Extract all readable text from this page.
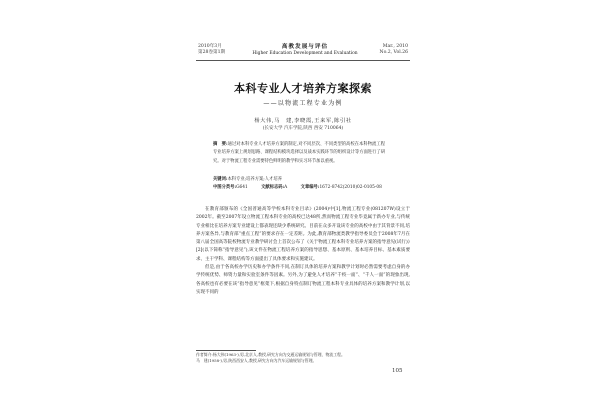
2010年3月
第28卷第1期
高教发展与评估
Higher Education Development and Evaluation
Mar., 2010
No.2, Vol.26
本科专业人才培养方案探索
——以物流工程专业为例
杨大伟,马　建,李晓霞,王来军,陈引社
(长安大学 汽车学院,陕西 西安 710064)
摘　要:通过对本科专业人才培养方案的制定,对不同层次、不同类型的高校在本科物流工程专业培养方案上规划思路、课程结构模块选择以及战本实践环节的组织设计等方面进行了研究。对于物流工程专业需要特色鲜明的教学和实习环节加以重视。
关键词:本科专业;培养方案;人才培养
中图分类号:G641	文献标志码:A	文章编号:1672-8742(2010)02-0105-08

在教育部颁布的《全国普通高等学校本科专业目录》(2004)中[1],物流工程专业(081207W)设立于2002年。截至2007年设立物流工程本科专业的高校已达48所,然而物流工程专业毕竟属于新办专业,与传统专业相比在培养方案专业建设上都表现还缺少系统研究。目前在众多开设该专业的高校中由于其背景不同,培养方案各异,与教育部“重点工程”的要求存在一定差距。为此,教育部物流类教学指导委员会于2008年7月在第八届全国高等院校物流专业教学研讨会上首次公布了《关于物流工程本科专业培养方案的指导意见(试行)》[2](以下简称“指导意见”),该文件在物流工程培养方案的指导思想、基本原则、基本培养目标、基本素质要求、主干学科、课程结构等方面提出了具体要求和实施建议。

但是,由于各高校办学历史和办学条件不同,在制订具体的培养方案和教学计划时必然需要考虑自身的办学传统优势、师资力量和实验室条件等因素。另外,为了避免人才培养“千校一面”、“千人一面”的现象出现,各高校也有必要在该“指导意见”框架下,根据自身特点制订物流工程本科专业具体的培养方案和教学计划,以实现不同的

作者简介:杨大伟(1963-),男,北京人,教授,研究方向为交通运输规划与管理、物流工程。

马　建(1958-),男,陕西西安人,教授,研究方向为汽车运输规划与管理。

105
